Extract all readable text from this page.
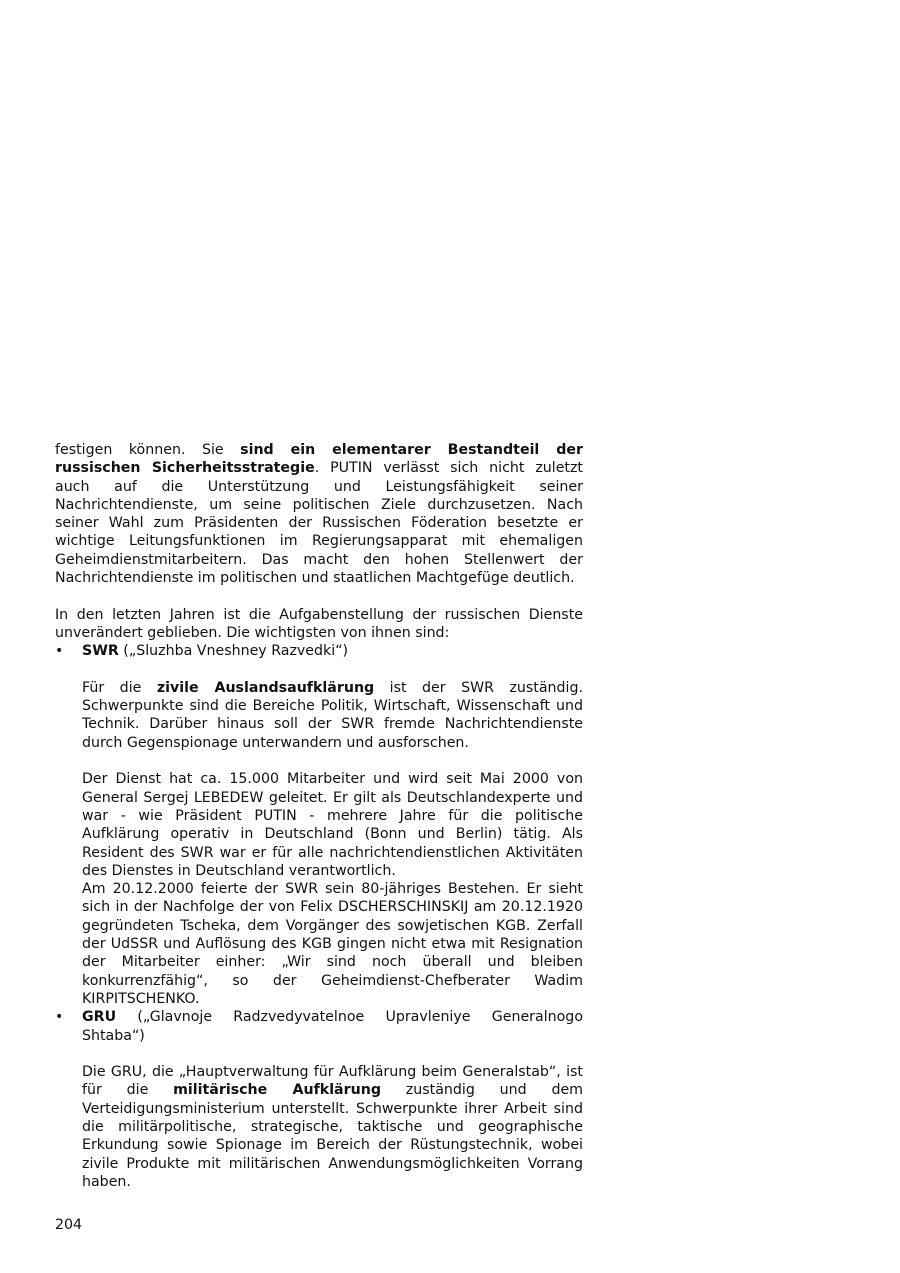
festigen können. Sie sind ein elementarer Bestandteil der russischen Sicherheitsstrategie. PUTIN verlässt sich nicht zuletzt auch auf die Unterstützung und Leistungsfähigkeit seiner Nachrichtendienste, um seine politischen Ziele durchzusetzen. Nach seiner Wahl zum Präsidenten der Russischen Föderation besetzte er wichtige Leitungsfunktionen im Regierungsapparat mit ehemaligen Geheimdienstmitarbeitern. Das macht den hohen Stellenwert der Nachrichtendienste im politischen und staatlichen Machtgefüge deutlich.

In den letzten Jahren ist die Aufgabenstellung der russischen Dienste unverändert geblieben. Die wichtigsten von ihnen sind:

• SWR („Sluzhba Vneshney Razvedki“)

Für die zivile Auslandsaufklärung ist der SWR zuständig. Schwerpunkte sind die Bereiche Politik, Wirtschaft, Wissenschaft und Technik. Darüber hinaus soll der SWR fremde Nachrichtendienste durch Gegenspionage unterwandern und ausforschen.

Der Dienst hat ca. 15.000 Mitarbeiter und wird seit Mai 2000 von General Sergej LEBEDEW geleitet. Er gilt als Deutschlandexperte und war - wie Präsident PUTIN - mehrere Jahre für die politische Aufklärung operativ in Deutschland (Bonn und Berlin) tätig. Als Resident des SWR war er für alle nachrichtendienstlichen Aktivitäten des Dienstes in Deutschland verantwortlich.

Am 20.12.2000 feierte der SWR sein 80-jähriges Bestehen. Er sieht sich in der Nachfolge der von Felix DSCHERSCHINSKIJ am 20.12.1920 gegründeten Tscheka, dem Vorgänger des sowjetischen KGB. Zerfall der UdSSR und Auflösung des KGB gingen nicht etwa mit Resignation der Mitarbeiter einher: „Wir sind noch überall und bleiben konkurrenzfähig“, so der Geheimdienst-Chefberater Wadim KIRPITSCHENKO.

• GRU („Glavnoje Radzvedyvatelnoe Upravleniye Generalnogo Shtaba“)

Die GRU, die „Hauptverwaltung für Aufklärung beim Generalstab“, ist für die militärische Aufklärung zuständig und dem Verteidigungsministerium unterstellt. Schwerpunkte ihrer Arbeit sind die militärpolitische, strategische, taktische und geographische Erkundung sowie Spionage im Bereich der Rüstungstechnik, wobei zivile Produkte mit militärischen Anwendungsmöglichkeiten Vorrang haben.

204
